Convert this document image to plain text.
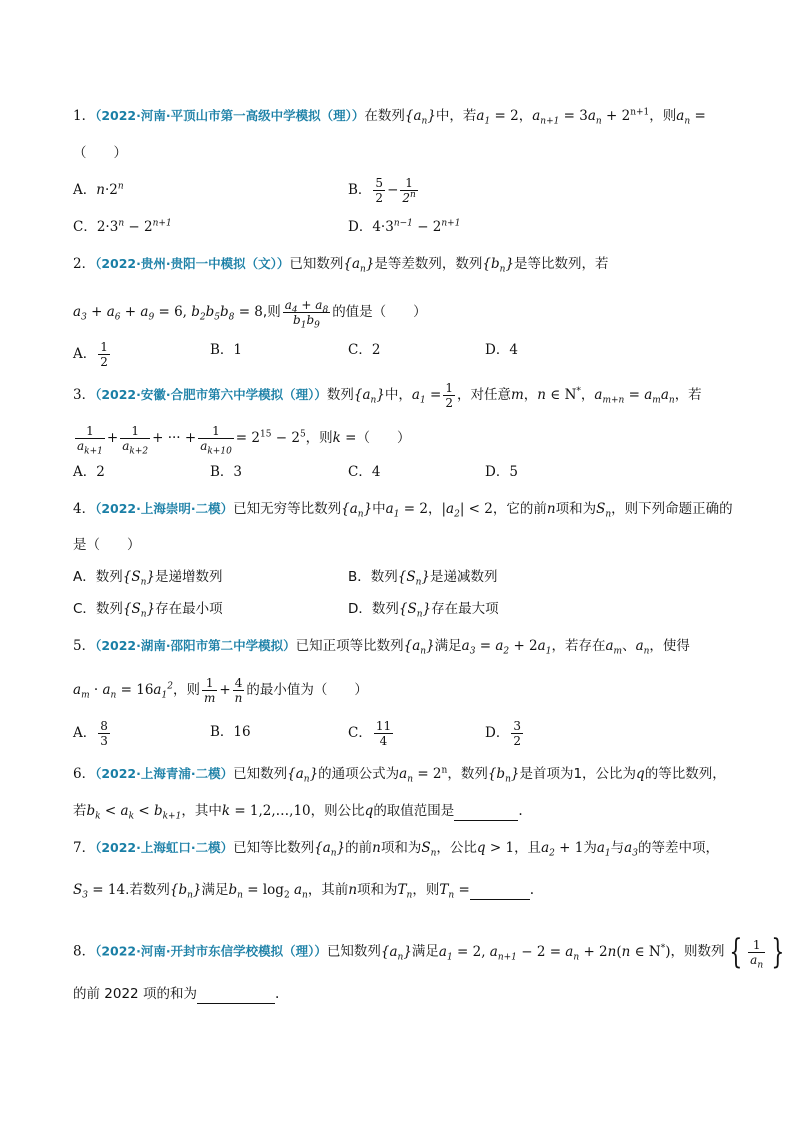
1．（2022·河南·平顶山市第一高级中学模拟（理））在数列$\{a_n\}$中，若$a_1 = 2$，$a_{n+1} = 3a_n + 2^{n+1}$，则$a_n$ =
（　　）
A．$n\cdot 2^n$	B． $\frac{5}{2} - \frac{1}{2^n}$
C．$2\cdot 3^n - 2^{n+1}$	D．$4\cdot 3^{n-1} - 2^{n+1}$
2．（2022·贵州·贵阳一中模拟（文））已知数列$\{a_n\}$是等差数列，数列$\{b_n\}$是等比数列，若
$a_3 + a_6 + a_9 = 6$, $b_2b_5b_8 = 8$,则 $\frac{a_4 + a_8}{b_1b_9}$ 的值是（　　）
A． $\frac{1}{2}$	B．1	C．2	D．4
3．（2022·安徽·合肥市第六中学模拟（理））数列$\{a_n\}$中，$a_1 = \frac{1}{2}$ ，对任意m，n ∈ N*，$a_{m+n} = a_ma_n$，若
$\frac{1}{a_{k+1}} + \frac{1}{a_{k+2}}$ + ··· + $\frac{1}{a_{k+10}} = 2^{15} - 2^5$，则k =（　　）
A．2	B．3	C．4	D．5
4．（2022·上海崇明·二模）已知无穷等比数列$\{a_n\}$中$a_1 = 2$，$|a_2| < 2$，它的前n项和为$S_n$，则下列命题正确的
是（　　）
A．数列$\{S_n\}$是递增数列	B．数列$\{S_n\}$是递减数列
C．数列$\{S_n\}$存在最小项	D．数列$\{S_n\}$存在最大项
5．（2022·湖南·邵阳市第二中学模拟）已知正项等比数列$\{a_n\}$满足$a_3 = a_2 + 2a_1$，若存在$a_m$、$a_n$，使得
$a_m \cdot a_n = 16a_1^2$，则 $\frac{1}{m} + \frac{4}{n}$ 的最小值为（　　）
A． $\frac{8}{3}$	B．16	C． $\frac{11}{4}$	D． $\frac{3}{2}$
6．（2022·上海青浦·二模）已知数列$\{a_n\}$的通项公式为$a_n = 2^n$，数列$\{b_n\}$是首项为1，公比为q的等比数列，
若$b_k < a_k < b_{k+1}$，其中k = 1,2,…,10，则公比q的取值范围是	.
7．（2022·上海虹口·二模）已知等比数列$\{a_n\}$的前n项和为$S_n$，公比q > 1，且$a_2 + 1$为$a_1$与$a_3$的等差中项，
$S_3 = 14$.若数列$\{b_n\}$满足$b_n = \log_2 a_n$，其前n项和为$T_n$，则$T_n$ =	.
8．（2022·河南·开封市东信学校模拟（理））已知数列$\{a_n\}$满足$a_1 = 2$, $a_{n+1} - 2 = a_n + 2n(n$ ∈ N*)，则数列 { $\frac{1}{a_n}$ }
的前 2022 项的和为	.
